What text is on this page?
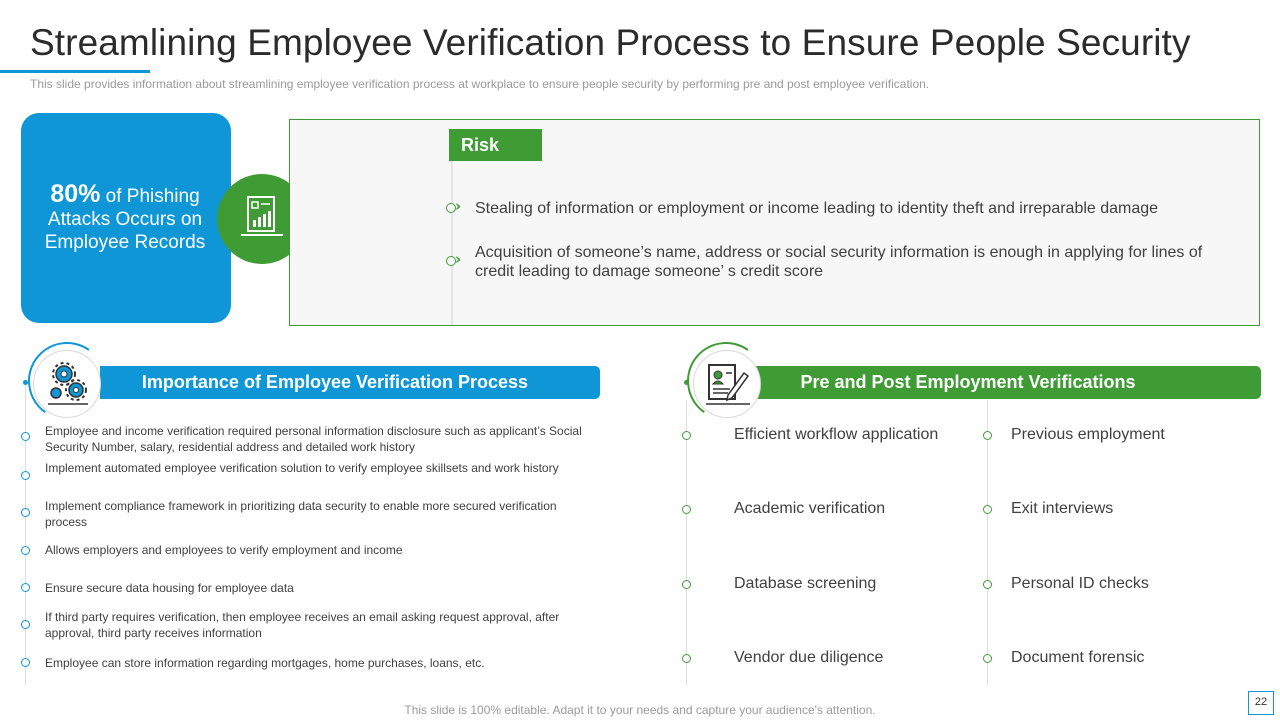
Streamlining Employee Verification Process to Ensure People Security
This slide provides information about streamlining employee verification process at workplace to ensure people security by performing pre and post employee verification.
80% of Phishing Attacks Occurs on Employee Records
Risk
› Stealing of information or employment or income leading to identity theft and irreparable damage
› Acquisition of someone’s name, address or social security information is enough in applying for lines of credit leading to damage someone’ s credit score
Importance of Employee Verification Process
Employee and income verification required personal information disclosure such as applicant’s Social Security Number, salary, residential address and detailed work history
Implement automated employee verification solution to verify employee skillsets and work history
Implement compliance framework in prioritizing data security to enable more secured verification process
Allows employers and employees to verify employment and income
Ensure secure data housing for employee data
If third party requires verification, then employee receives an email asking request approval, after approval, third party receives information
Employee can store information regarding mortgages, home purchases, loans, etc.
Pre and Post Employment Verifications
Efficient workflow application	Previous employment
Academic verification	Exit interviews
Database screening	Personal ID checks
Vendor due diligence	Document forensic
This slide is 100% editable. Adapt it to your needs and capture your audience's attention.
22
